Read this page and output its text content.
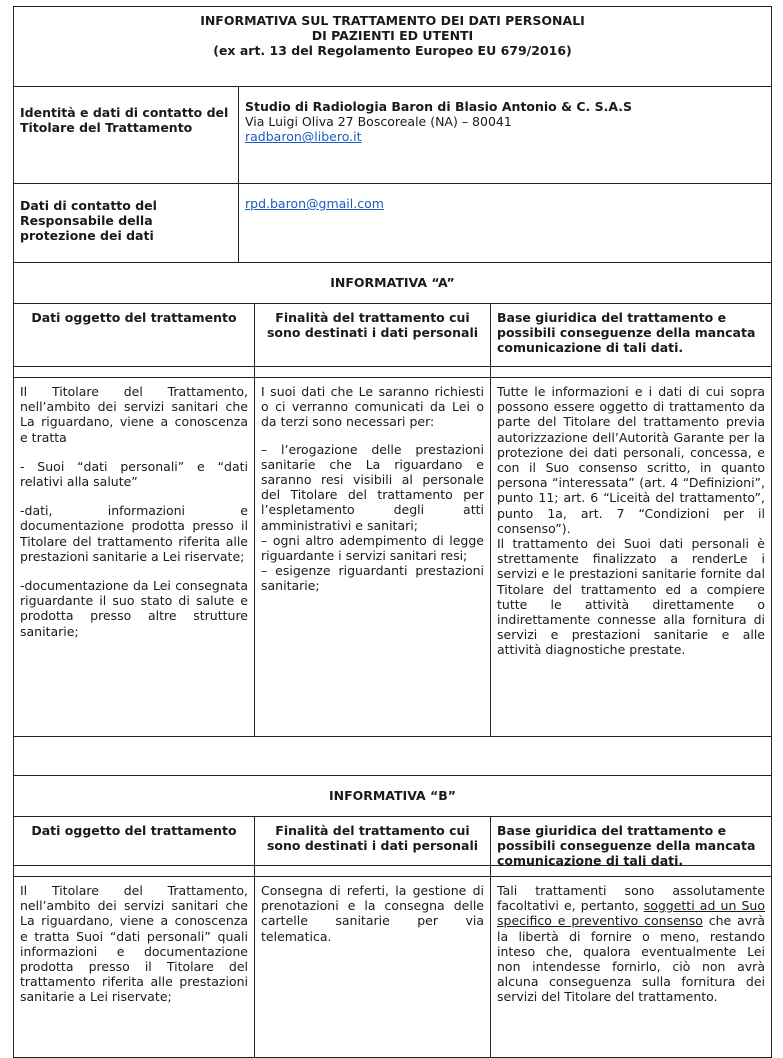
INFORMATIVA SUL TRATTAMENTO DEI DATI PERSONALI
DI PAZIENTI ED UTENTI
(ex art. 13 del Regolamento Europeo EU 679/2016)
Identità e dati di contatto del Titolare del Trattamento
Studio di Radiologia Baron di Blasio Antonio & C. S.A.S
Via Luigi Oliva 27 Boscoreale (NA) – 80041
radbaron@libero.it
Dati di contatto del Responsabile della protezione dei dati
rpd.baron@gmail.com
INFORMATIVA “A”
Dati oggetto del trattamento	Finalità del trattamento cui sono destinati i dati personali
Base giuridica del trattamento e possibili conseguenze della mancata comunicazione di tali dati.

Il Titolare del Trattamento, nell’ambito dei servizi sanitari che La riguardano, viene a conoscenza e tratta

- Suoi “dati personali” e “dati relativi alla salute”

-dati, informazioni e documentazione prodotta presso il Titolare del trattamento riferita alle prestazioni sanitarie a Lei riservate;

-documentazione da Lei consegnata riguardante il suo stato di salute e prodotta presso altre strutture sanitarie;

I suoi dati che Le saranno richiesti o ci verranno comunicati da Lei o da terzi sono necessari per:

– l’erogazione delle prestazioni sanitarie che La riguardano e saranno resi visibili al personale del Titolare del trattamento per l’espletamento degli atti amministrativi e sanitari;

– ogni altro adempimento di legge riguardante i servizi sanitari resi;

– esigenze riguardanti prestazioni sanitarie;

Tutte le informazioni e i dati di cui sopra possono essere oggetto di trattamento da parte del Titolare del trattamento previa autorizzazione dell’Autorità Garante per la protezione dei dati personali, concessa, e con il Suo consenso scritto, in quanto persona “interessata” (art. 4 “Definizioni”, punto 11; art. 6 “Liceità del trattamento”, punto 1a, art. 7 “Condizioni per il consenso”).

Il trattamento dei Suoi dati personali è strettamente finalizzato a renderLe i servizi e le prestazioni sanitarie fornite dal Titolare del trattamento ed a compiere tutte le attività direttamente o indirettamente connesse alla fornitura di servizi e prestazioni sanitarie e alle attività diagnostiche prestate.

INFORMATIVA “B”
Dati oggetto del trattamento	Finalità del trattamento cui sono destinati i dati personali
Base giuridica del trattamento e possibili conseguenze della mancata comunicazione di tali dati.

Il Titolare del Trattamento, nell’ambito dei servizi sanitari che La riguardano, viene a conoscenza e tratta Suoi “dati personali” quali informazioni e documentazione prodotta presso il Titolare del trattamento riferita alle prestazioni sanitarie a Lei riservate;

Consegna di referti, la gestione di prenotazioni e la consegna delle cartelle sanitarie per via telematica.

Tali trattamenti sono assolutamente facoltativi e, pertanto, soggetti ad un Suo specifico e preventivo consenso che avrà la libertà di fornire o meno, restando inteso che, qualora eventualmente Lei non intendesse fornirlo, ciò non avrà alcuna conseguenza sulla fornitura dei servizi del Titolare del trattamento.
